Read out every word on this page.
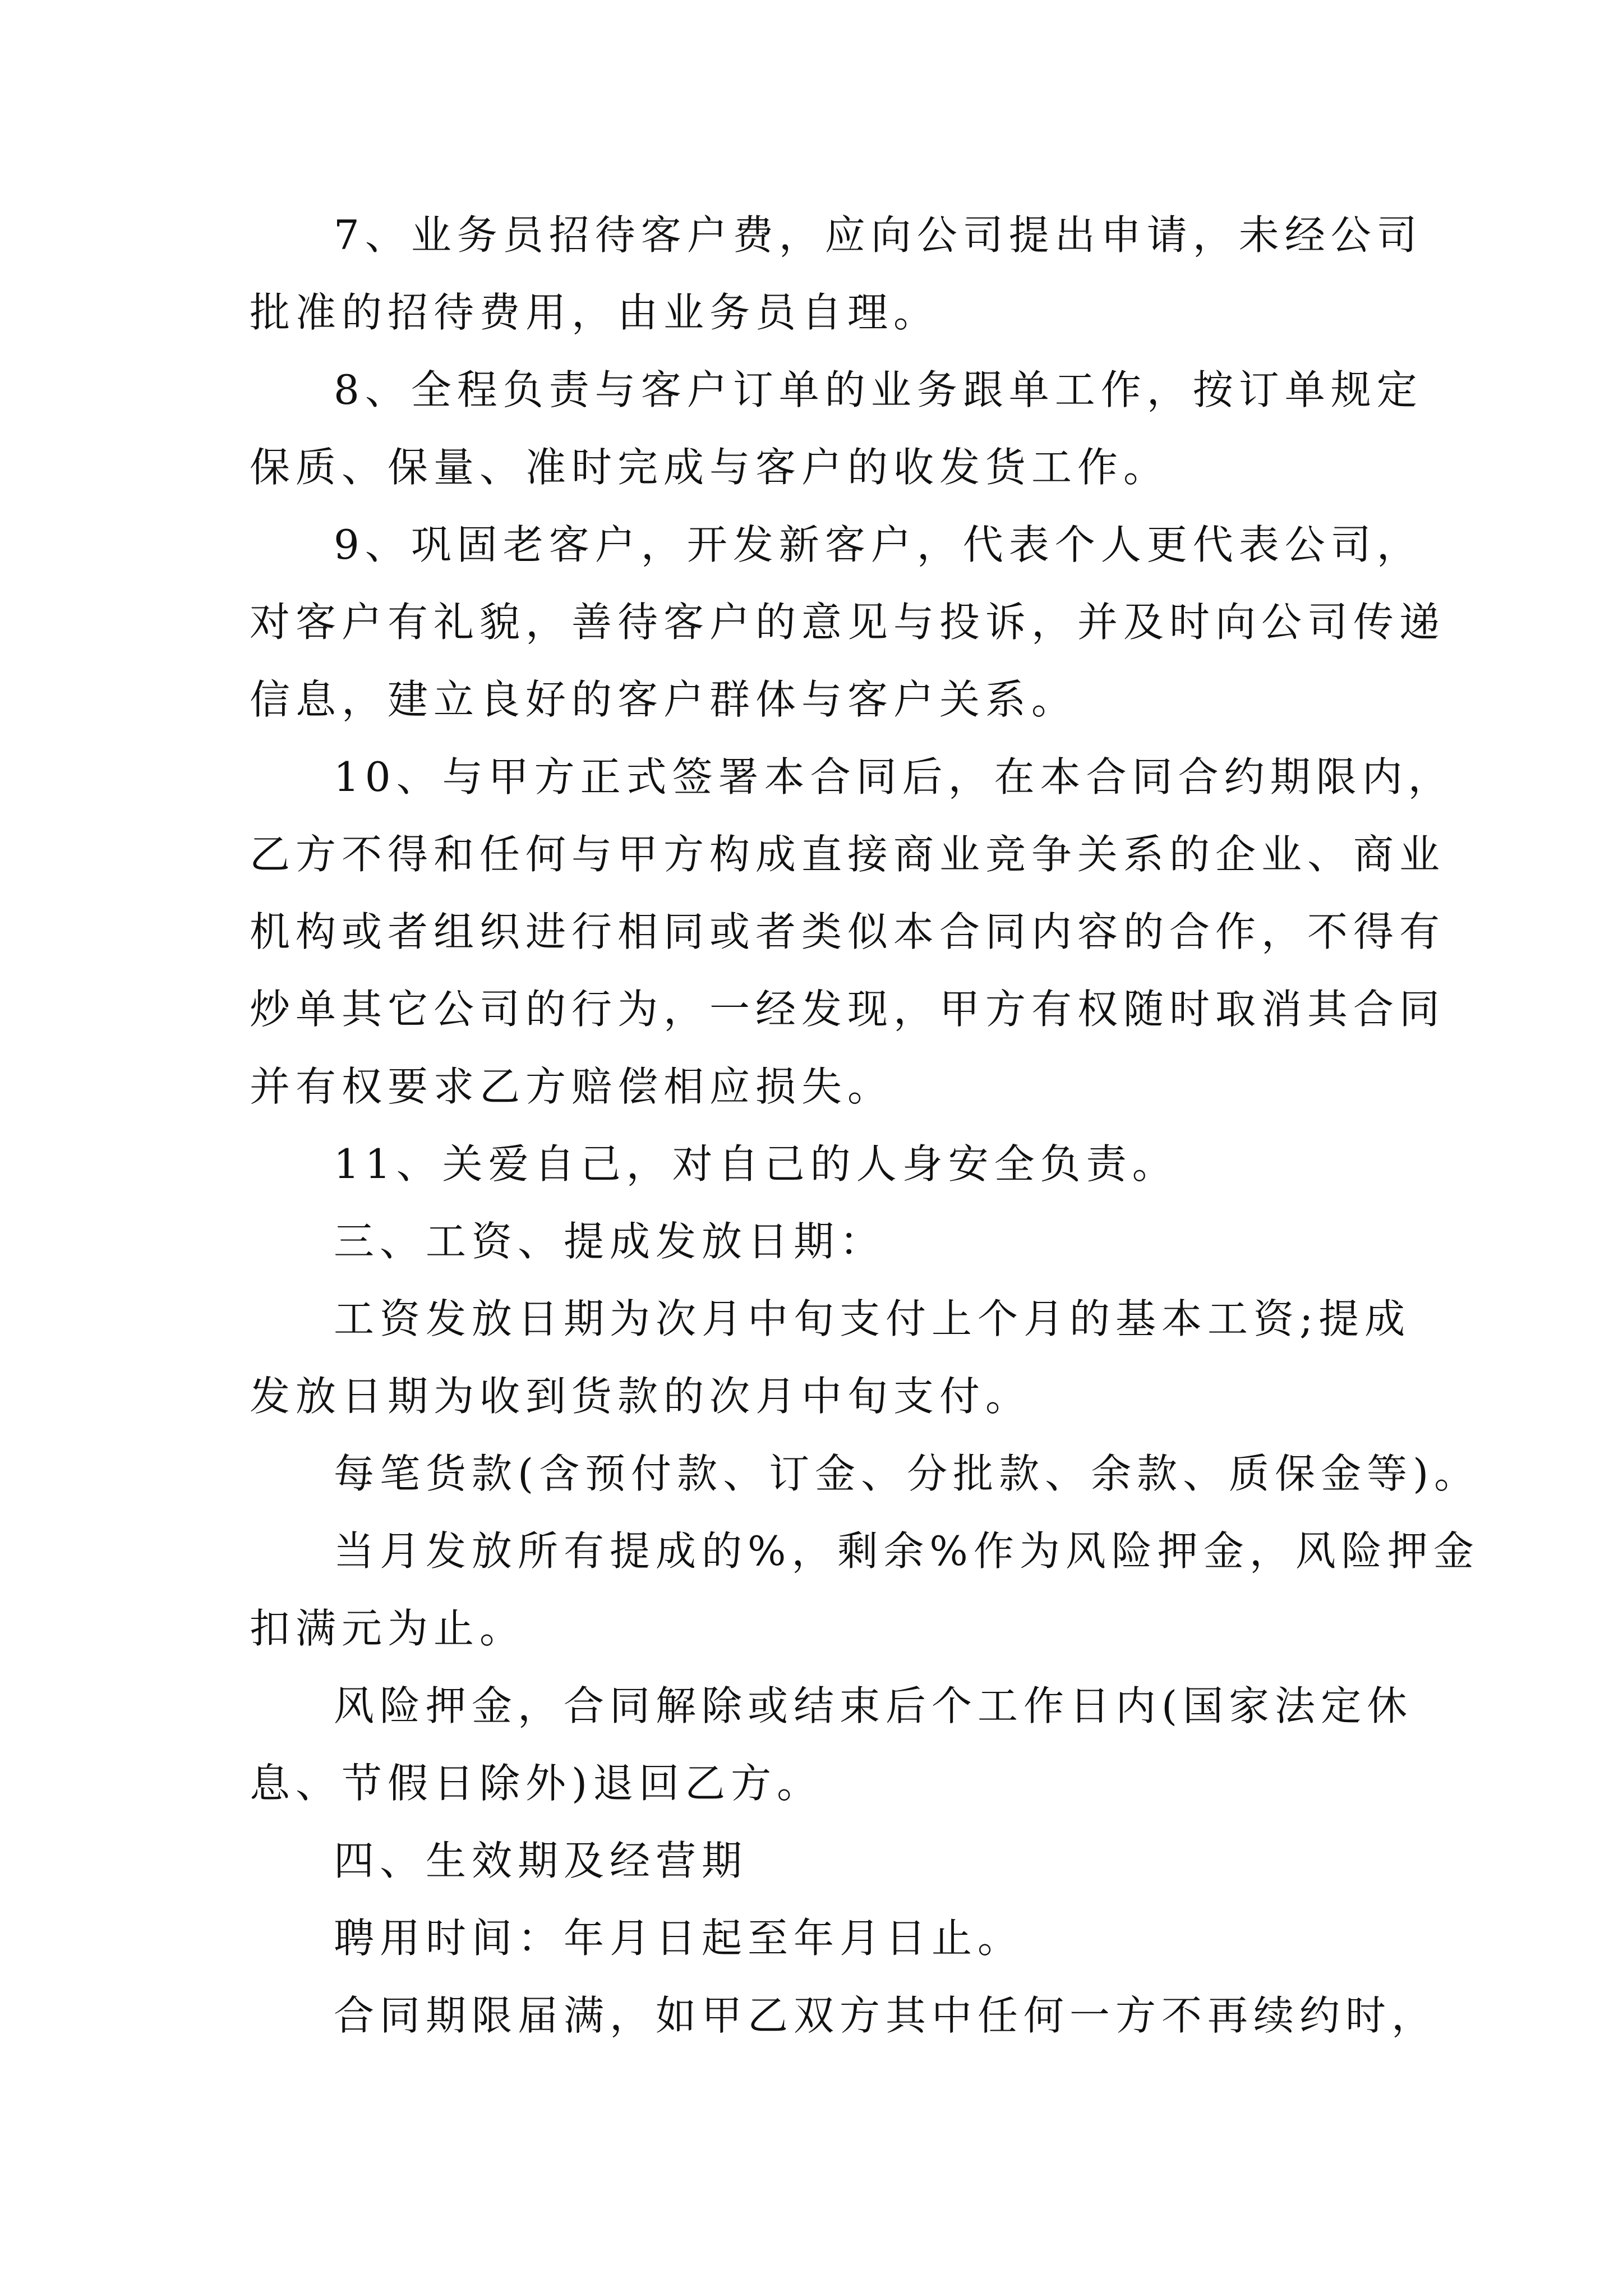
7、业务员招待客户费，应向公司提出申请，未经公司
批准的招待费用，由业务员自理。
8、全程负责与客户订单的业务跟单工作，按订单规定
保质、保量、准时完成与客户的收发货工作。
9、巩固老客户，开发新客户，代表个人更代表公司，
对客户有礼貌，善待客户的意见与投诉，并及时向公司传递
信息，建立良好的客户群体与客户关系。
10、与甲方正式签署本合同后，在本合同合约期限内，
乙方不得和任何与甲方构成直接商业竞争关系的企业、商业
机构或者组织进行相同或者类似本合同内容的合作，不得有
炒单其它公司的行为，一经发现，甲方有权随时取消其合同
并有权要求乙方赔偿相应损失。
11、关爱自己，对自己的人身安全负责。
三、工资、提成发放日期：
工资发放日期为次月中旬支付上个月的基本工资;提成
发放日期为收到货款的次月中旬支付。
每笔货款(含预付款、订金、分批款、余款、质保金等)。
当月发放所有提成的%，剩余%作为风险押金，风险押金
扣满元为止。
风险押金，合同解除或结束后个工作日内(国家法定休
息、节假日除外)退回乙方。
四、生效期及经营期
聘用时间：年月日起至年月日止。
合同期限届满，如甲乙双方其中任何一方不再续约时，
